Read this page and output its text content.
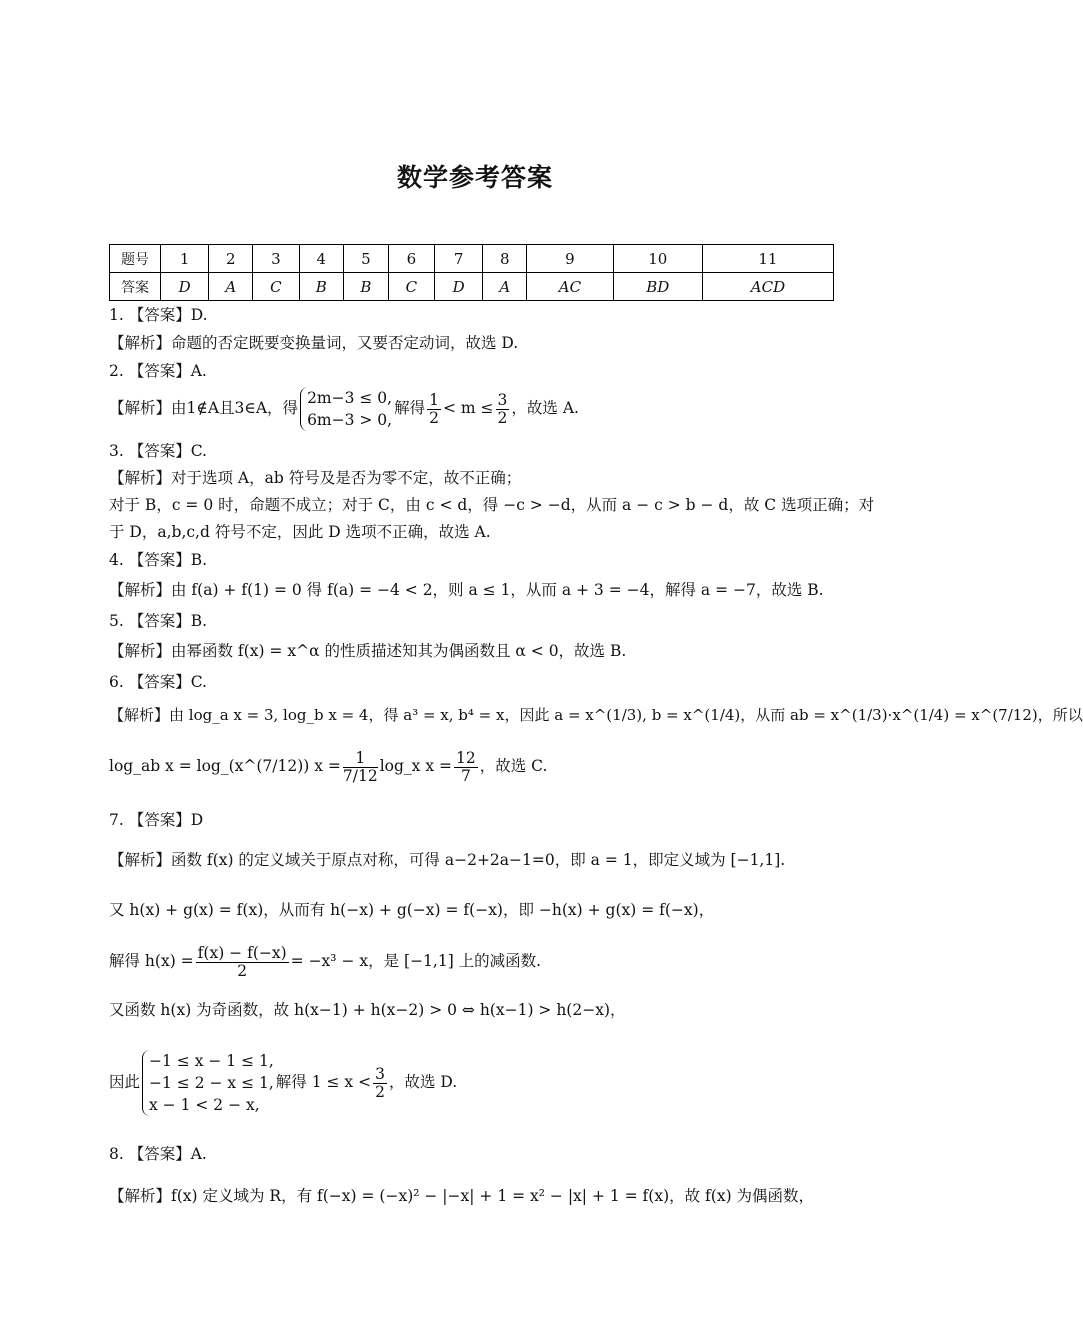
数学参考答案
题号	1	2	3	4	5	6	7	8	9	10	11
答案	D	A	C	B	B	C	D	A	AC	BD	ACD
1. 【答案】D.
【解析】命题的否定既要变换量词，又要否定动词，故选 D.
2. 【答案】A.
【解析】由1∉A且3∈A，得
2m−3 ≤ 0,
6m−3 > 0,
解得 $\frac{1}{2} < m \le \frac{3}{2}$ ，故选 A.
3. 【答案】C.
【解析】对于选项 A，ab 符号及是否为零不定，故不正确；
对于 B，c = 0 时，命题不成立；对于 C，由 c < d，得 −c > −d，从而 a − c > b − d，故 C 选项正确；对
于 D，a,b,c,d 符号不定，因此 D 选项不正确，故选 A.
4. 【答案】B.
【解析】由 f(a) + f(1) = 0 得 f(a) = −4 < 2，则 a ≤ 1，从而 a + 3 = −4，解得 a = −7，故选 B.
5. 【答案】B.
【解析】由幂函数 f(x) = x^α 的性质描述知其为偶函数且 α < 0，故选 B.
6. 【答案】C.
【解析】由 log_a x = 3, log_b x = 4，得 a³ = x, b⁴ = x，因此 a = x^(1/3), b = x^(1/4)，从而 ab = x^(1/3)·x^(1/4) = x^(7/12)，所以
log_ab x = log_(x^(7/12)) $x = \frac{1}{7/12}$ log_x $x = \frac{12}{7}$ ，故选 C.
7. 【答案】D
【解析】函数 f(x) 的定义域关于原点对称，可得 a−2+2a−1=0，即 a = 1，即定义域为 [−1,1].
又 h(x) + g(x) = f(x)，从而有 h(−x) + g(−x) = f(−x)，即 −h(x) + g(x) = f(−x)，
解得 $h(x) = \frac{f(x) - f(-x)}{2} = -x^3 - x$，是 [−1,1] 上的减函数.
又函数 h(x) 为奇函数，故 h(x−1) + h(x−2) > 0 ⇔ h(x−1) > h(2−x)，
因此
−1 ≤ x − 1 ≤ 1,
−1 ≤ 2 − x ≤ 1,
x − 1 < 2 − x,
解得 $1 \le x < \frac{3}{2}$ ，故选 D.
8. 【答案】A.
【解析】f(x) 定义域为 R，有 f(−x) = (−x)² − |−x| + 1 = x² − |x| + 1 = f(x)，故 f(x) 为偶函数，
